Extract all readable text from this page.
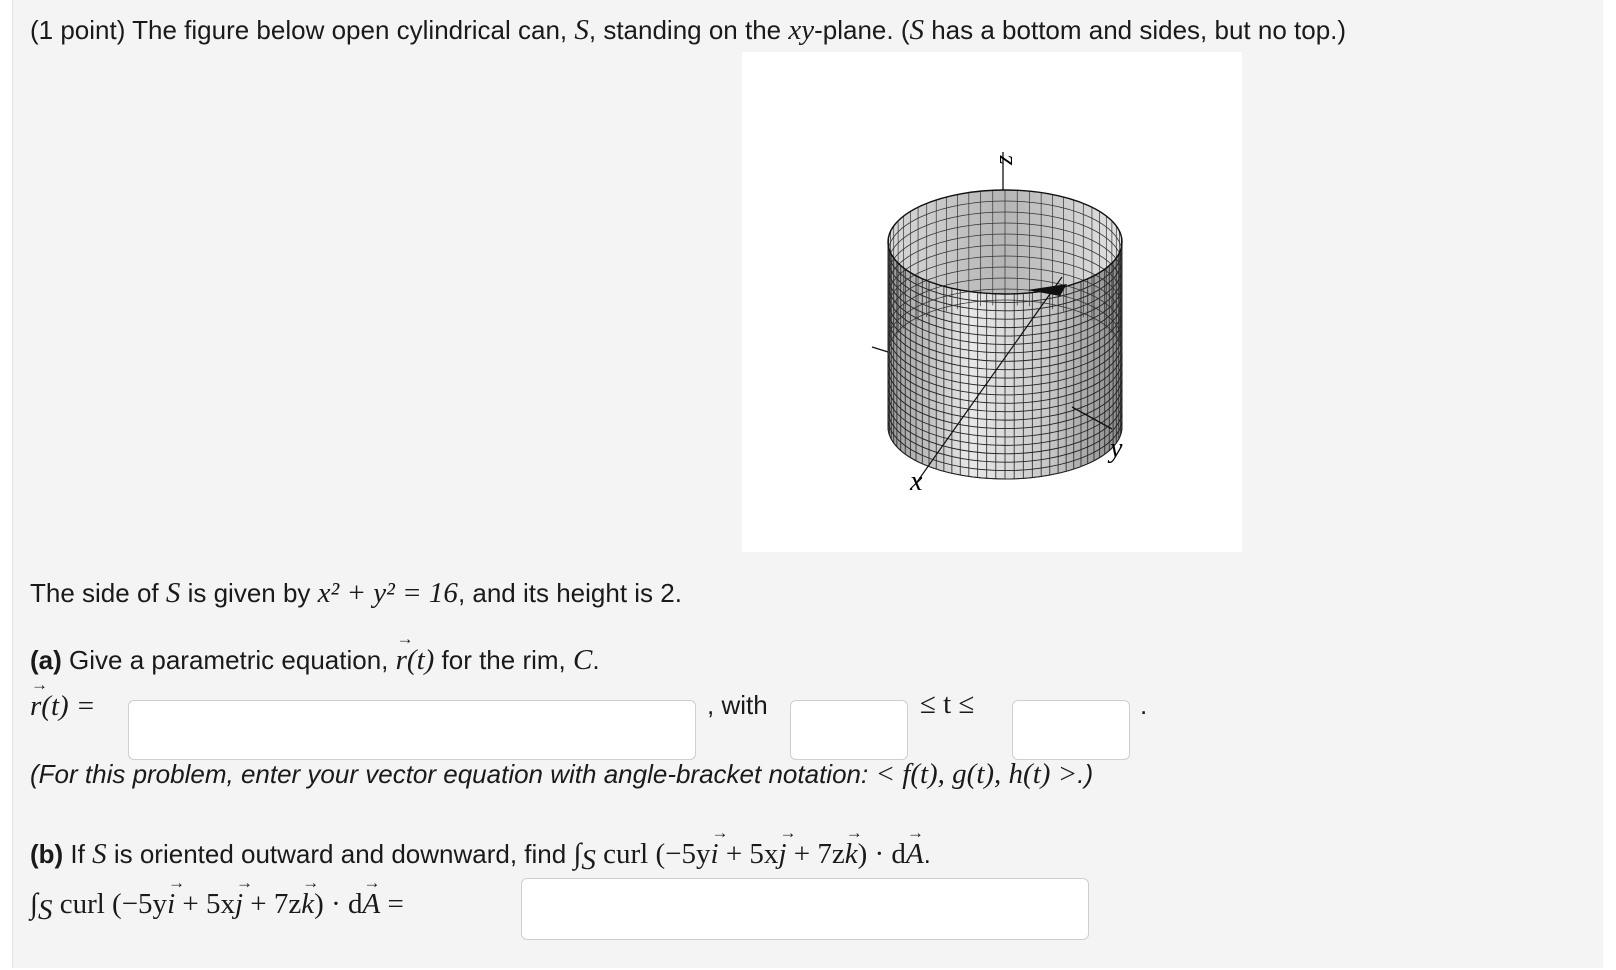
(1 point) The figure below open cylindrical can, S, standing on the xy-plane. (S has a bottom and sides, but no top.)
z
x
y
The side of S is given by x² + y² = 16, and its height is 2.
(a) Give a parametric equation, r →(t) for the rim, C.
r →(t) =	, with	≤ t ≤	.
(For this problem, enter your vector equation with angle-bracket notation: < f(t), g(t), h(t) >.)
(b) If S is oriented outward and downward, find $\int_S$ curl (−5yi → + 5xj → + 7zk →) · dA →.
$\int_S$ curl (−5yi → + 5xj → + 7zk →) · dA → =
